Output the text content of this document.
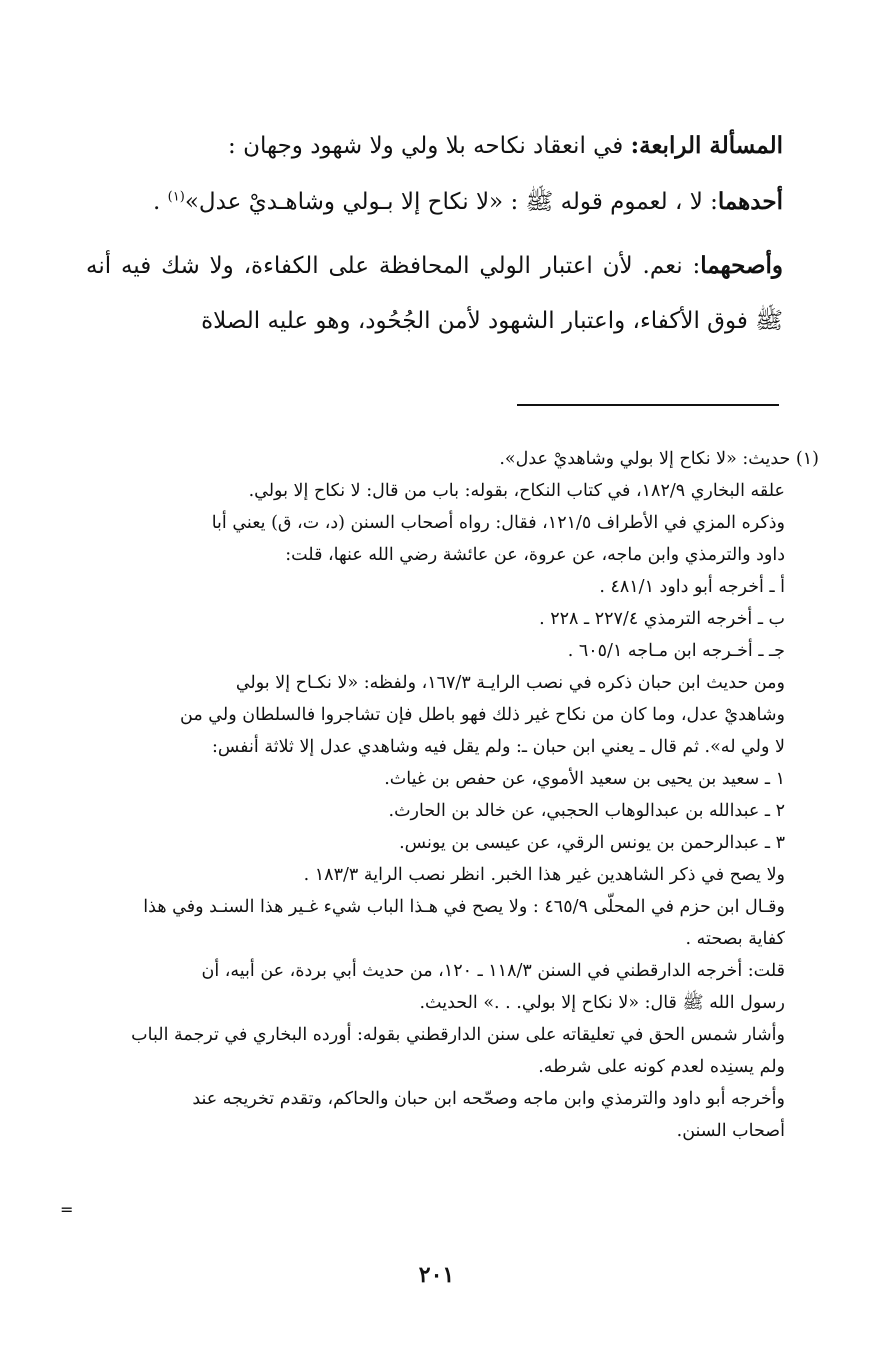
المسألة الرابعة: في انعقاد نكاحه بلا ولي ولا شهود وجهان :

أحدهما: لا ، لعموم قوله ﷺ : «لا نكاح إلا بـولي وشاهـديْ عدل»$^{(١)}$ .

وأصحهما: نعم. لأن اعتبار الولي المحافظة على الكفاءة، ولا شك فيه أنه ﷺ فوق الأكفاء، واعتبار الشهود لأمن الجُحُود، وهو عليه الصلاة

(١) حديث: «لا نكاح إلا بولي وشاهديْ عدل».

علقه البخاري ١٨٢/٩، في كتاب النكاح، بقوله: باب من قال: لا نكاح إلا بولي.

وذكره المزي في الأطراف ١٢١/٥، فقال: رواه أصحاب السنن (د، ت، ق) يعني أبا

داود والترمذي وابن ماجه، عن عروة، عن عائشة رضي الله عنها، قلت:

أ ـ أخرجه أبو داود ٤٨١/١ .

ب ـ أخرجه الترمذي ٢٢٧/٤ ـ ٢٢٨ .

جـ ـ أخـرجه ابن مـاجه ٦٠٥/١ .

ومن حديث ابن حبان ذكره في نصب الرايـة ١٦٧/٣، ولفظه: «لا نكـاح إلا بولي

وشاهديْ عدل، وما كان من نكاح غير ذلك فهو باطل فإن تشاجروا فالسلطان ولي من

لا ولي له». ثم قال ـ يعني ابن حبان ـ: ولم يقل فيه وشاهدي عدل إلا ثلاثة أنفس:

١ ـ سعيد بن يحيى بن سعيد الأموي، عن حفص بن غياث.

٢ ـ عبدالله بن عبدالوهاب الحجبي، عن خالد بن الحارث.

٣ ـ عبدالرحمن بن يونس الرقي، عن عيسى بن يونس.

ولا يصح في ذكر الشاهدين غير هذا الخبر. انظر نصب الراية ١٨٣/٣ .

وقـال ابن حزم في المحلّى ٤٦٥/٩ : ولا يصح في هـذا الباب شيء غـير هذا السنـد وفي هذا

كفاية بصحته .

قلت: أخرجه الدارقطني في السنن ١١٨/٣ ـ ١٢٠، من حديث أبي بردة، عن أبيه، أن

رسول الله ﷺ قال: «لا نكاح إلا بولي. . .» الحديث.

وأشار شمس الحق في تعليقاته على سنن الدارقطني بقوله: أورده البخاري في ترجمة الباب

ولم يسنِده لعدم كونه على شرطه.

وأخرجه أبو داود والترمذي وابن ماجه وصحّحه ابن حبان والحاكم، وتقدم تخريجه عند

أصحاب السنن.

=
٢٠١
